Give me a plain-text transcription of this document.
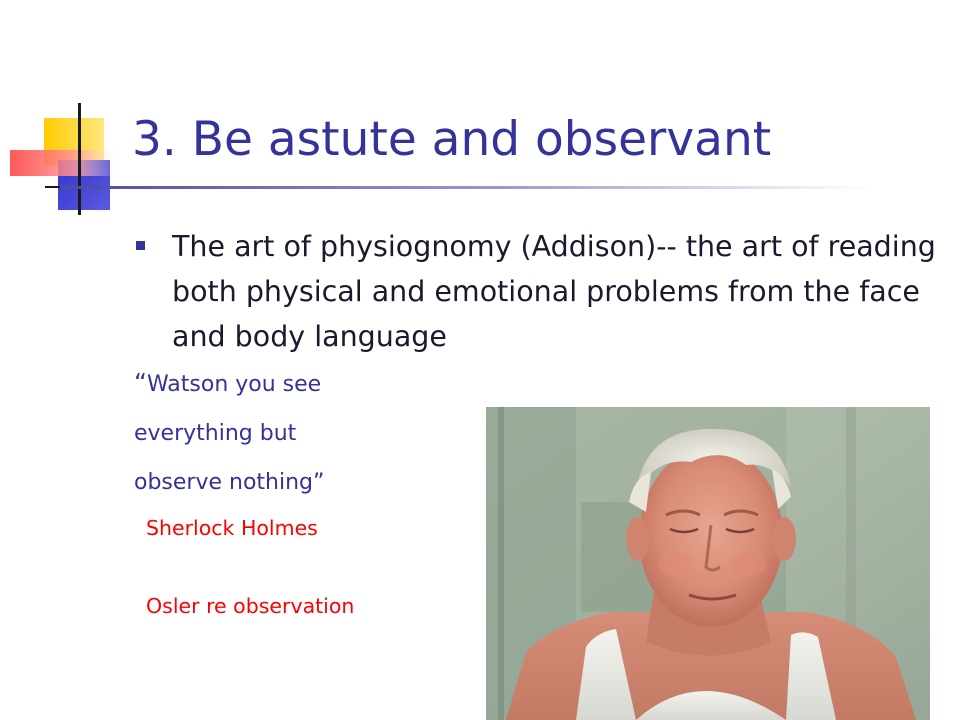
3. Be astute and observant
The art of physiognomy (Addison)-- the art of reading both physical and emotional problems from the face and body language
“Watson you see
everything but
observe nothing”
Sherlock Holmes
Osler re observation
